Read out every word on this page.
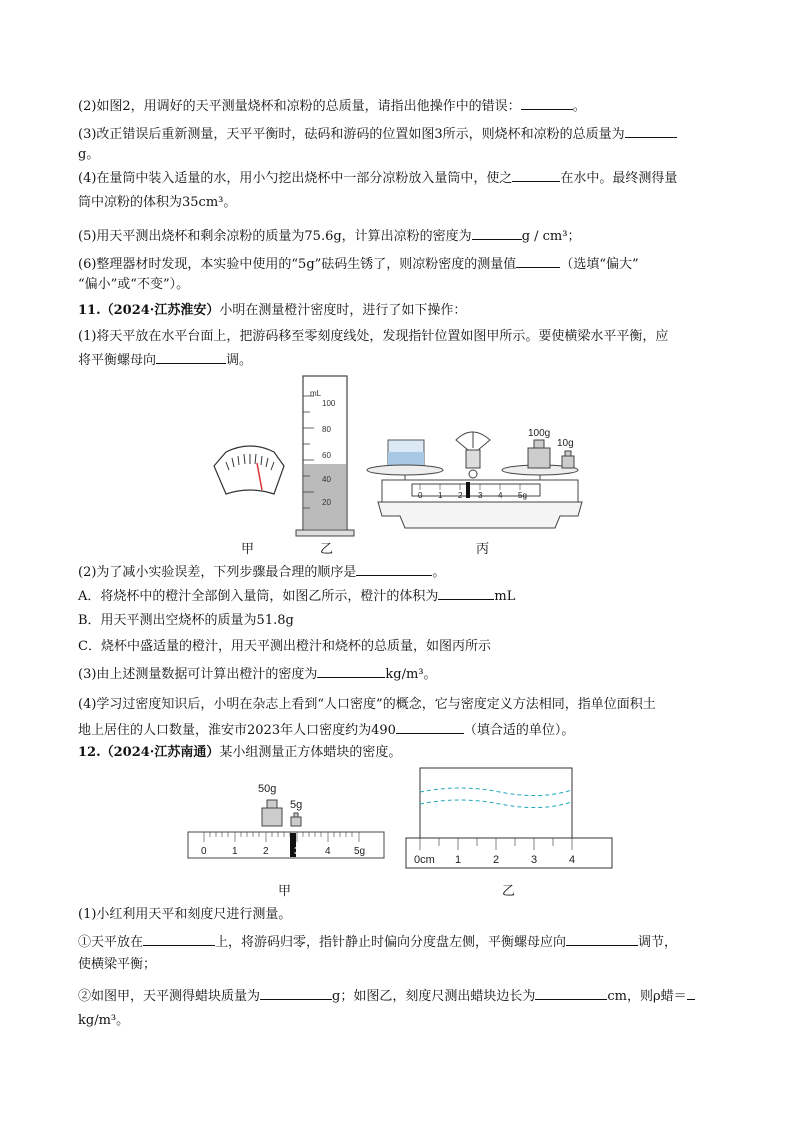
(2)如图2，用调好的天平测量烧杯和凉粉的总质量，请指出他操作中的错误：	。
(3)改正错误后重新测量，天平平衡时，砝码和游码的位置如图3所示，则烧杯和凉粉的总质量为
g。
(4)在量筒中装入适量的水，用小勺挖出烧杯中一部分凉粉放入量筒中，使之	在水中。最终测得量
筒中凉粉的体积为35cm³。
(5)用天平测出烧杯和剩余凉粉的质量为75.6g，计算出凉粉的密度为	g / cm³；
(6)整理器材时发现，本实验中使用的“5g”砝码生锈了，则凉粉密度的测量值	（选填“偏大”
“偏小”或“不变”）。
11.（2024·江苏淮安）小明在测量橙汁密度时，进行了如下操作：
(1)将天平放在水平台面上，把游码移至零刻度线处，发现指针位置如图甲所示。要使横梁水平平衡，应
将平衡螺母向	调。
mL
100
80
60
40
20
100g
10g
0 1 2 3 4 5g
甲	乙	丙
(2)为了减小实验误差，下列步骤最合理的顺序是	。
A．将烧杯中的橙汁全部倒入量筒，如图乙所示，橙汁的体积为	mL
B．用天平测出空烧杯的质量为51.8g
C．烧杯中盛适量的橙汁，用天平测出橙汁和烧杯的总质量，如图丙所示
(3)由上述测量数据可计算出橙汁的密度为	kg/m³。
(4)学习过密度知识后，小明在杂志上看到“人口密度”的概念，它与密度定义方法相同，指单位面积土
地上居住的人口数量，淮安市2023年人口密度约为490	（填合适的单位）。
12.（2024·江苏南通）某小组测量正方体蜡块的密度。
50g
5g
0	1	2	3	4 5g
0cm 1	2	3	4
甲	乙
(1)小红利用天平和刻度尺进行测量。
①天平放在	上，将游码归零，指针静止时偏向分度盘左侧，平衡螺母应向	调节，
使横梁平衡；
②如图甲，天平测得蜡块质量为	g；如图乙，刻度尺测出蜡块边长为	cm，则ρ蜡＝
kg/m³。
